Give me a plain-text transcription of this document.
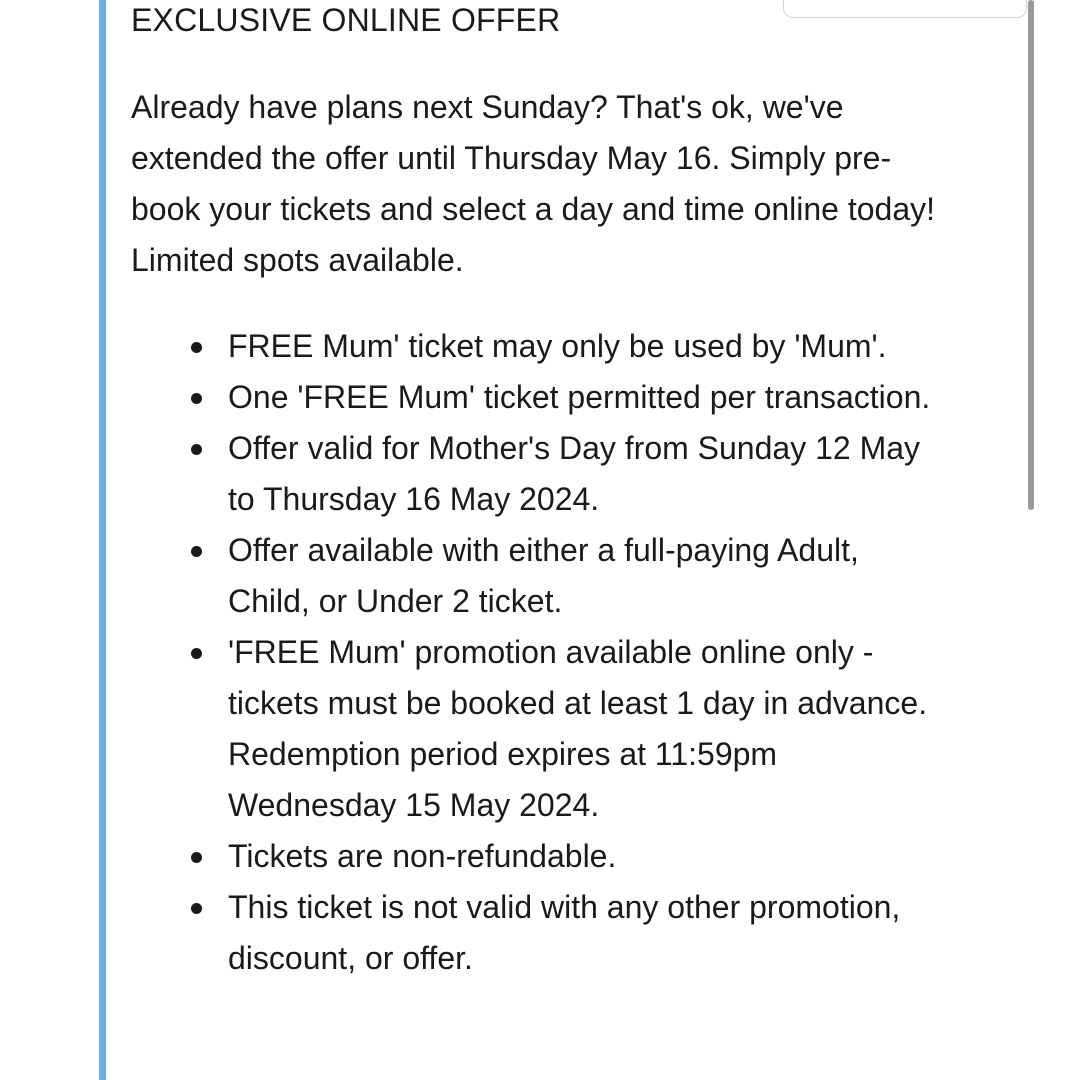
EXCLUSIVE ONLINE OFFER

Already have plans next Sunday? That's ok, we've extended the offer until Thursday May 16. Simply pre-book your tickets and select a day and time online today! Limited spots available.

FREE Mum' ticket may only be used by 'Mum'.
One 'FREE Mum' ticket permitted per transaction.
Offer valid for Mother's Day from Sunday 12 May to Thursday 16 May 2024.
Offer available with either a full-paying Adult, Child, or Under 2 ticket.
'FREE Mum' promotion available online only - tickets must be booked at least 1 day in advance. Redemption period expires at 11:59pm Wednesday 15 May 2024.
Tickets are non-refundable.
This ticket is not valid with any other promotion, discount, or offer.
